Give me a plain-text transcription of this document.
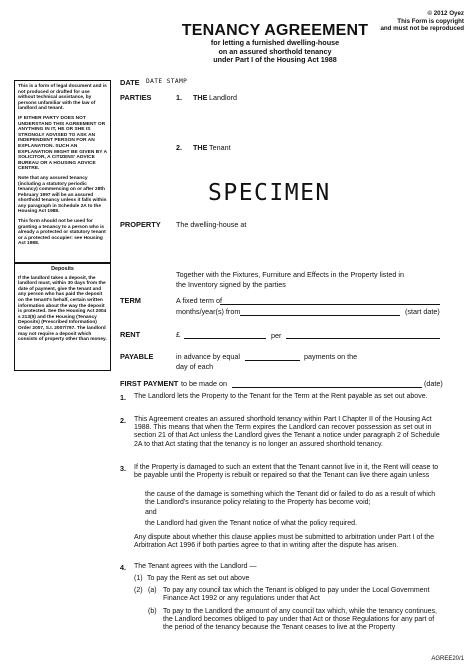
© 2012 Oyez
This Form is copyright
and must not be reproduced
TENANCY AGREEMENT
for letting a furnished dwelling-house
on an assured shorthold tenancy
under Part I of the Housing Act 1988

This is a form of legal document and is not produced or drafted for use without technical assistance, by persons unfamiliar with the law of landlord and tenant.

IF EITHER PARTY DOES NOT UNDERSTAND THIS AGREEMENT OR ANYTHING IN IT, HE OR SHE IS STRONGLY ADVISED TO ASK AN INDEPENDENT PERSON FOR AN EXPLANATION. SUCH AN EXPLANATION MIGHT BE GIVEN BY A SOLICITOR, A CITIZENS' ADVICE BUREAU OR A HOUSING ADVICE CENTRE.

Note that any assured tenancy (including a statutory periodic tenancy) commencing on or after 28th February 1997 will be an assured shorthold tenancy unless it falls within any paragraph in Schedule 2A to the Housing Act 1988.

This form should not be used for granting a tenancy to a person who is already a protected or statutory tenant or a protected occupier: see Housing Act 1988.

Deposits

If the landlord takes a deposit, the landlord must, within 30 days from the date of payment, give the tenant and any person who has paid the deposit on the tenant's behalf, certain written information about the way the deposit is protected. See the Housing Act 2004 s 213(5) and the Housing (Tenancy Deposits) (Prescribed Information) Order 2007, S.I. 2007/797. The landlord may not require a deposit which consists of property other than money.

DATE DATE STAMP
PARTIES	1. THE Landlord
2. THE Tenant
SPECIMEN
PROPERTY The dwelling-house at
Together with the Fixtures, Furniture and Effects in the Property listed in
the Inventory signed by the parties
TERM	A fixed term of
months/year(s) from	(start date)
RENT	£	per
PAYABLE	in advance by equal	payments on the
day of each
FIRST PAYMENT to be made on	(date)
1. The Landlord lets the Property to the Tenant for the Term at the Rent payable as set out above.
2. This Agreement creates an assured shorthold tenancy within Part I Chapter II of the Housing Act 1988. This means that when the Term expires the Landlord can recover possession as set out in section 21 of that Act unless the Landlord gives the Tenant a notice under paragraph 2 of Schedule 2A to that Act stating that the tenancy is no longer an assured shorthold tenancy.
3. If the Property is damaged to such an extent that the Tenant cannot live in it, the Rent will cease to be payable until the Property is rebuilt or repaired so that the Tenant can live there again unless
the cause of the damage is something which the Tenant did or failed to do as a result of which the Landlord's insurance policy relating to the Property has become void;
and
the Landlord had given the Tenant notice of what the policy required.
Any dispute about whether this clause applies must be submitted to arbitration under Part I of the Arbitration Act 1996 if both parties agree to that in writing after the dispute has arisen.
4. The Tenant agrees with the Landlord —
(1) To pay the Rent as set out above
(2) (a) To pay any council tax which the Tenant is obliged to pay under the Local Government Finance Act 1992 or any regulations under that Act
(b) To pay to the Landlord the amount of any council tax which, while the tenancy continues, the Landlord becomes obliged to pay under that Act or those Regulations for any part of the period of the tenancy because the Tenant ceases to live at the Property
AGREE20/1
